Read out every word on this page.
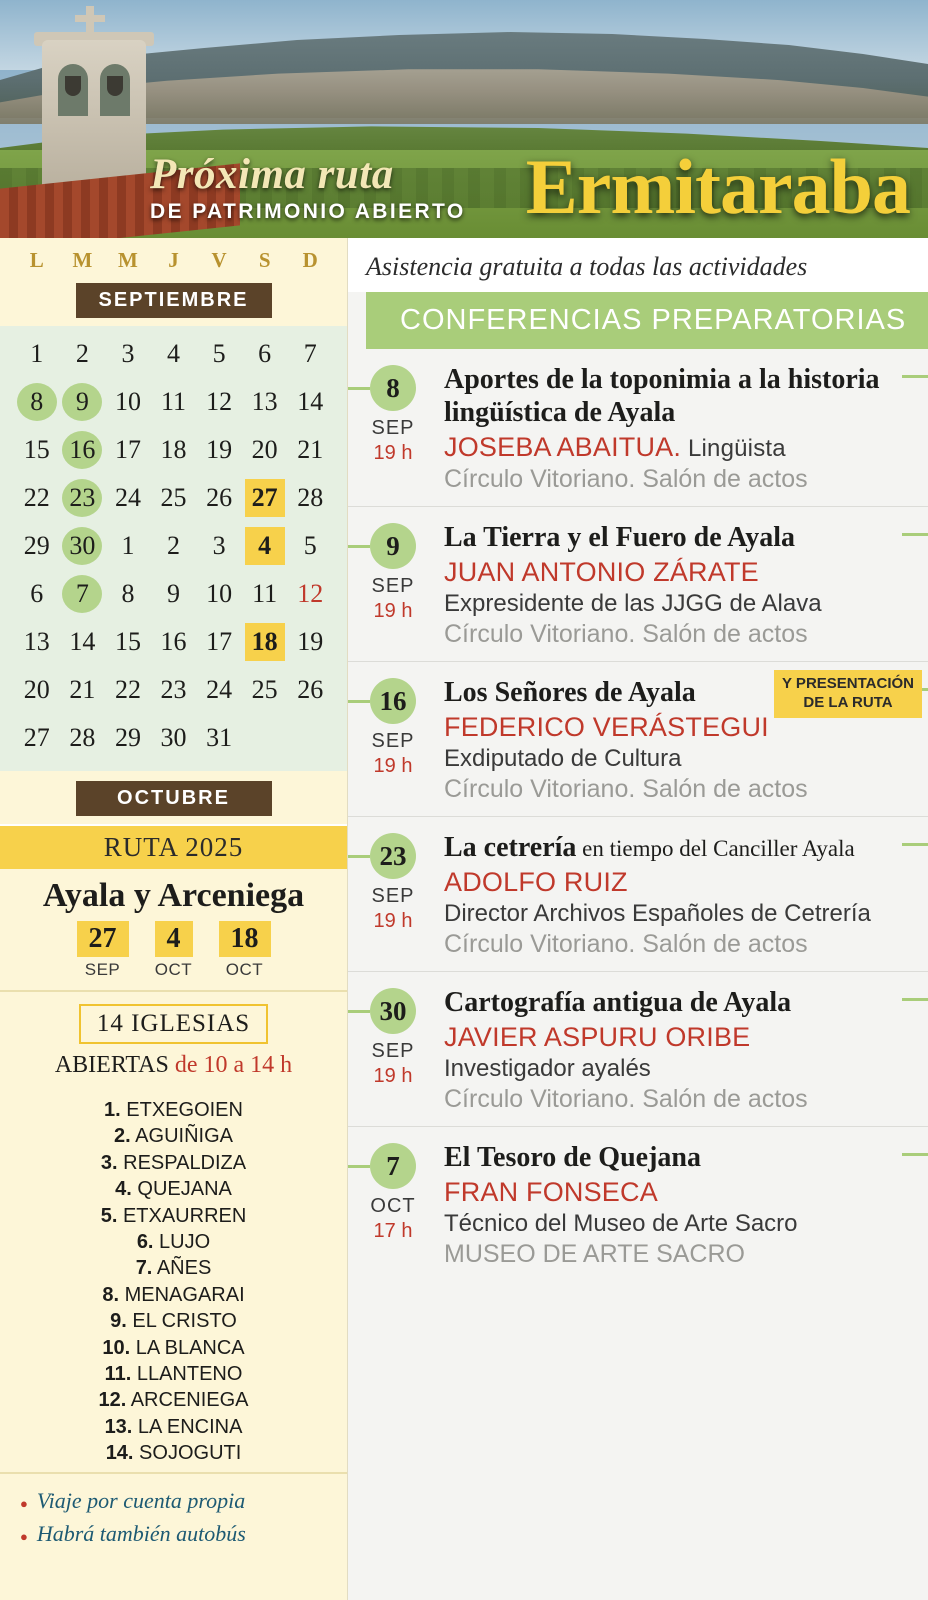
Próxima ruta
DE PATRIMONIO ABIERTO Ermitaraba
L	M	M	J	V	S	D
SEPTIEMBRE
1	2	3	4	5	6	7
8	9	10 11 12 13 14
15 16 17 18 19 20 21
22 23 24 25 26 27 28
29 30	1	2	3	4	5
6	7	8	9	10 11 12
13 14 15 16 17 18 19
20 21 22 23 24 25 26
27 28 29 30 31
OCTUBRE
RUTA 2025
Ayala y Arceniega
27
SEP
4
OCT
18
OCT
14 IGLESIAS
ABIERTAS de 10 a 14 h
1. ETXEGOIEN
2. AGUIÑIGA
3. RESPALDIZA
4. QUEJANA
5. ETXAURREN
6. LUJO
7. AÑES
8. MENAGARAI
9. EL CRISTO
10. LA BLANCA
11. LLANTENO
12. ARCENIEGA
13. LA ENCINA
14. SOJOGUTI
● Viaje por cuenta propia
● Habrá también autobús
Asistencia gratuita a todas las actividades
CONFERENCIAS PREPARATORIAS
8
SEP
19 h
Aportes de la toponimia a la historia lingüística de Ayala
JOSEBA ABAITUA. Lingüista
Círculo Vitoriano. Salón de actos
9
SEP
19 h
La Tierra y el Fuero de Ayala
JUAN ANTONIO ZÁRATE
Expresidente de las JJGG de Alava
Círculo Vitoriano. Salón de actos
Y PRESENTACIÓN
DE LA RUTA
16
SEP
19 h
Los Señores de Ayala
FEDERICO VERÁSTEGUI
Exdiputado de Cultura
Círculo Vitoriano. Salón de actos
23
SEP
19 h
La cetrería en tiempo del Canciller Ayala
ADOLFO RUIZ
Director Archivos Españoles de Cetrería
Círculo Vitoriano. Salón de actos
30
SEP
19 h
Cartografía antigua de Ayala
JAVIER ASPURU ORIBE
Investigador ayalés
Círculo Vitoriano. Salón de actos
7
OCT
17 h
El Tesoro de Quejana
FRAN FONSECA
Técnico del Museo de Arte Sacro
MUSEO DE ARTE SACRO
